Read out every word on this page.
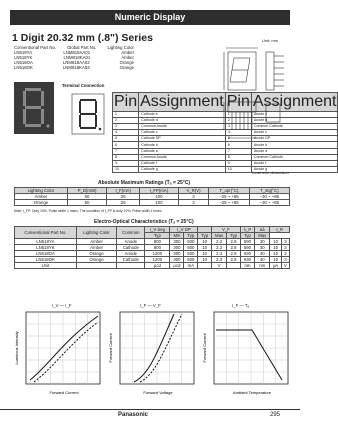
Numeric Display
1 Digit 20.32 mm (.8") Series
Conventional Part No.	Global Part No.	Lighting Color
LN518YA	LNM818AA01	Amber
LN518YK	LNM818KA01	Amber
LN518OA	LNM818AA03	Orange
LN518OK	LNM818KA03	Orange
Terminal Connection
Pin	Assignment	Pin	Assignment
1	Cathode e	1	Anode e
2	Cathode d	2	Anode d
3	Common Anode	3	Common Cathode
4	Cathode c	4	Anode c
5	Cathode DP	5	Anode DP
6	Cathode b	6	Anode b
7	Cathode a	7	Anode a
8	Common Anode	8	Common Cathode
9	Cathode f	9	Anode f
10	Cathode g	10	Anode g
Unit: mm
Lead wire dimension
Absolute Maximum Ratings (Tₐ = 25°C)
Lighting Color	P_D(mW)	I_F(mA)	I_FP(mA)	V_R(V)	T_opr(°C)	T_stg(°C)
Amber	60	25	100	3	−25 ~ +85	−30 ~ +85
Orange	60	25	100	3	−25 ~ +85	−30 ~ +85
Note: I_FP: Duty 10%, Pulse width 1 msec. The condition of I_FP is duty 10%, Pulse width 1 msec.
Electro-Optical Characteristics (Tₐ = 25°C)
Conventional Part No.	Lighting Color	Common	I_V Seg	I_V DP			V_F		λ_P	Δλ	I_R	
			Typ	Min	Typ	Typ	Max	Typ	Typ	Max		
LN518YA	Amber	Anode	800	300	500	10	2.2	2.8	590	30	10	3
LN518YK	Amber	Cathode	800	300	500	10	2.2	2.8	590	30	10	3
LN518OA	Orange	Anode	1200	300	500	10	2.3	2.8	630	40	10	3
LN518OK	Orange	Cathode	1200	300	500	10	2.3	2.8	630	40	10	3
Unit			μcd	μcd	mA		V		nm	nm	μA	V
I_V — I_F	I_F — V_F	I_F — Tₐ
Forward Current
Luminous Intensity
Forward Voltage
Forward Current
Ambient Temperature
Forward Current
Panasonic	295
